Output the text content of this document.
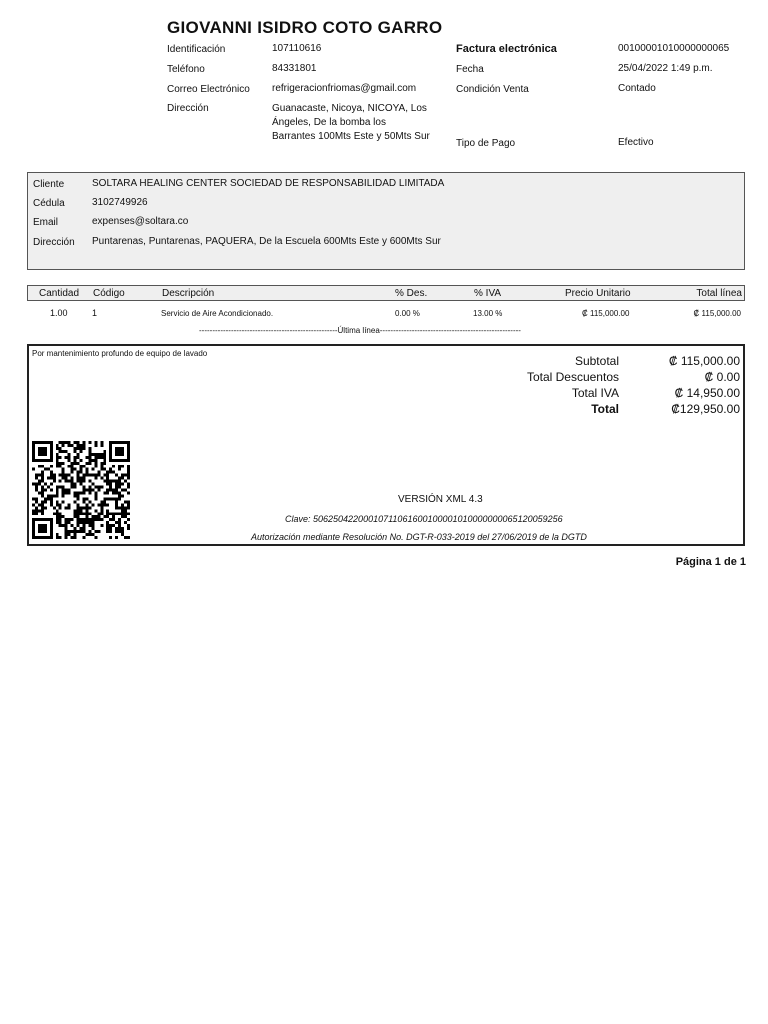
GIOVANNI ISIDRO COTO GARRO
Identificación	107110616
Teléfono	84331801
Correo Electrónico refrigeracionfriomas@gmail.com
Dirección	Guanacaste, Nicoya, NICOYA, Los
Ángeles, De la bomba los
Barrantes 100Mts Este y 50Mts Sur
Factura electrónica	00100001010000000065
Fecha	25/04/2022 1:49 p.m.
Condición Venta	Contado
Tipo de Pago	Efectivo
Cliente	SOLTARA HEALING CENTER SOCIEDAD DE RESPONSABILIDAD LIMITADA
Cédula	3102749926
Email	expenses@soltara.co
Dirección Puntarenas, Puntarenas, PAQUERA, De la Escuela 600Mts Este y 600Mts Sur
Cantidad Código	Descripción	% Des.	% IVA	Precio Unitario	Total línea
1.00	1	Servicio de Aire Acondicionado.	0.00 %	13.00 %	₡ 115,000.00	₡ 115,000.00
----------------------------------------------------Última línea-----------------------------------------------------
Por mantenimiento profundo de equipo de lavado
Subtotal	₡ 115,000.00
Total Descuentos	₡ 0.00
Total IVA	₡ 14,950.00
Total	₡129,950.00
VERSIÓN XML 4.3
Clave: 50625042200010711061600100001010000000065120059256
Autorización mediante Resolución No. DGT-R-033-2019 del 27/06/2019 de la DGTD
Página 1 de 1
